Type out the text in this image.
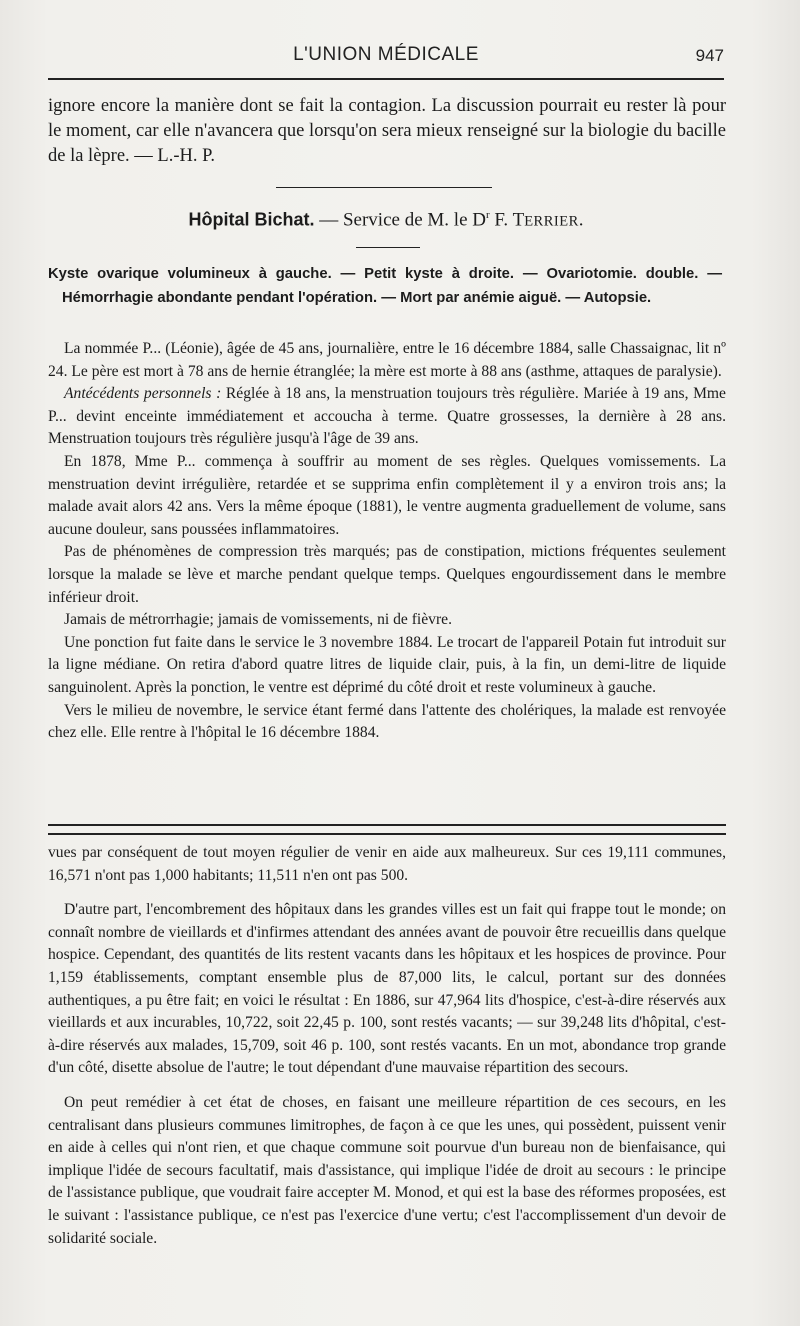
L'UNION MÉDICALE	947

ignore encore la manière dont se fait la contagion. La discussion pourrait eu rester là pour le moment, car elle n'avancera que lorsqu'on sera mieux renseigné sur la biologie du bacille de la lèpre. — L.-H. P.

Hôpital Bichat. — Service de M. le $D^r$ F. TERRIER.
Kyste ovarique volumineux à gauche. — Petit kyste à droite. — Ovariotomie. double. — Hémorrhagie abondante pendant l'opération. — Mort par anémie aiguë. — Autopsie.

La nommée P... (Léonie), âgée de 45 ans, journalière, entre le 16 décembre 1884, salle Chassaignac, lit nº 24. Le père est mort à 78 ans de hernie étranglée; la mère est morte à 88 ans (asthme, attaques de paralysie).

Antécédents personnels : Réglée à 18 ans, la menstruation toujours très régulière. Mariée à 19 ans, Mme P... devint enceinte immédiatement et accoucha à terme. Quatre grossesses, la dernière à 28 ans. Menstruation toujours très régulière jusqu'à l'âge de 39 ans.

En 1878, Mme P... commença à souffrir au moment de ses règles. Quelques vomissements. La menstruation devint irrégulière, retardée et se supprima enfin complètement il y a environ trois ans; la malade avait alors 42 ans. Vers la même époque (1881), le ventre augmenta graduellement de volume, sans aucune douleur, sans poussées inflammatoires.

Pas de phénomènes de compression très marqués; pas de constipation, mictions fréquentes seulement lorsque la malade se lève et marche pendant quelque temps. Quelques engourdissement dans le membre inférieur droit.

Jamais de métrorrhagie; jamais de vomissements, ni de fièvre.

Une ponction fut faite dans le service le 3 novembre 1884. Le trocart de l'appareil Potain fut introduit sur la ligne médiane. On retira d'abord quatre litres de liquide clair, puis, à la fin, un demi-litre de liquide sanguinolent. Après la ponction, le ventre est déprimé du côté droit et reste volumineux à gauche.

Vers le milieu de novembre, le service étant fermé dans l'attente des cholériques, la malade est renvoyée chez elle. Elle rentre à l'hôpital le 16 décembre 1884.

vues par conséquent de tout moyen régulier de venir en aide aux malheureux. Sur ces 19,111 communes, 16,571 n'ont pas 1,000 habitants; 11,511 n'en ont pas 500.

D'autre part, l'encombrement des hôpitaux dans les grandes villes est un fait qui frappe tout le monde; on connaît nombre de vieillards et d'infirmes attendant des années avant de pouvoir être recueillis dans quelque hospice. Cependant, des quantités de lits restent vacants dans les hôpitaux et les hospices de province. Pour 1,159 établissements, comptant ensemble plus de 87,000 lits, le calcul, portant sur des données authentiques, a pu être fait; en voici le résultat : En 1886, sur 47,964 lits d'hospice, c'est-à-dire réservés aux vieillards et aux incurables, 10,722, soit 22,45 p. 100, sont restés vacants; — sur 39,248 lits d'hôpital, c'est-à-dire réservés aux malades, 15,709, soit 46 p. 100, sont restés vacants. En un mot, abondance trop grande d'un côté, disette absolue de l'autre; le tout dépendant d'une mauvaise répartition des secours.

On peut remédier à cet état de choses, en faisant une meilleure répartition de ces secours, en les centralisant dans plusieurs communes limitrophes, de façon à ce que les unes, qui possèdent, puissent venir en aide à celles qui n'ont rien, et que chaque commune soit pourvue d'un bureau non de bienfaisance, qui implique l'idée de secours facultatif, mais d'assistance, qui implique l'idée de droit au secours : le principe de l'assistance publique, que voudrait faire accepter M. Monod, et qui est la base des réformes proposées, est le suivant : l'assistance publique, ce n'est pas l'exercice d'une vertu; c'est l'accomplissement d'un devoir de solidarité sociale.
